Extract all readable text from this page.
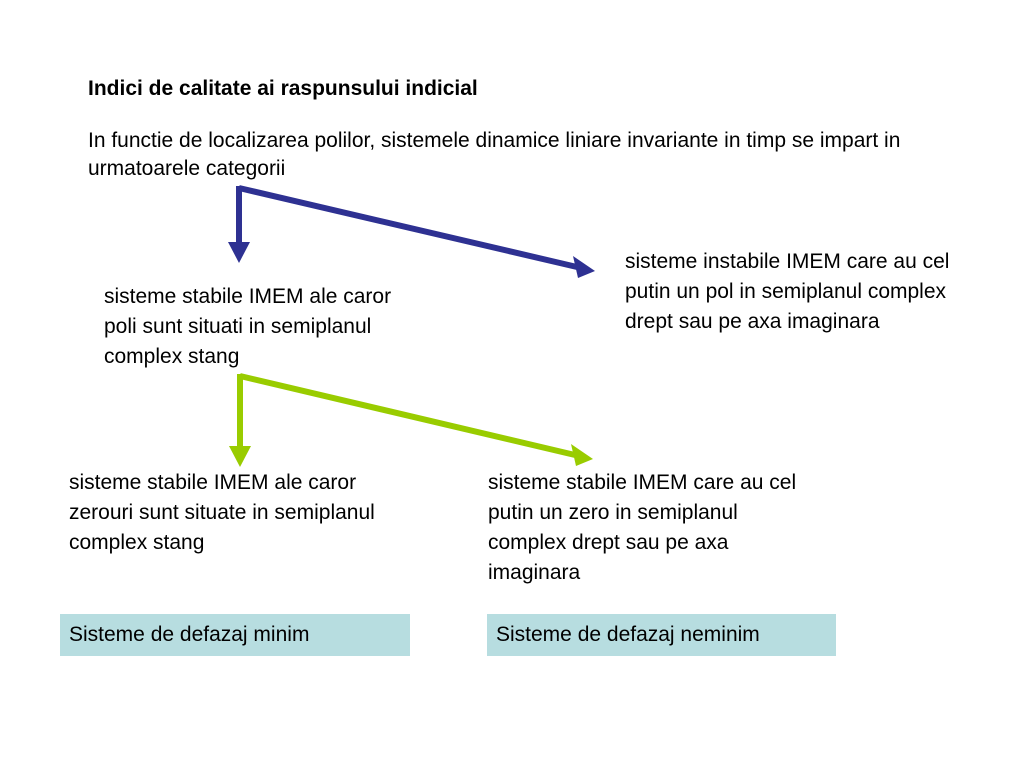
Indici de calitate ai raspunsului indicial
In functie de localizarea polilor, sistemele dinamice liniare invariante in timp se impart in urmatoarele categorii
sisteme stabile IMEM ale caror poli sunt situati in semiplanul complex stang
sisteme instabile IMEM care au cel putin un pol in semiplanul complex drept sau pe axa imaginara
sisteme stabile IMEM ale caror zerouri sunt situate in semiplanul complex stang
sisteme stabile IMEM care au cel putin un zero in semiplanul complex drept sau pe axa imaginara
Sisteme de defazaj minim	Sisteme de defazaj neminim
